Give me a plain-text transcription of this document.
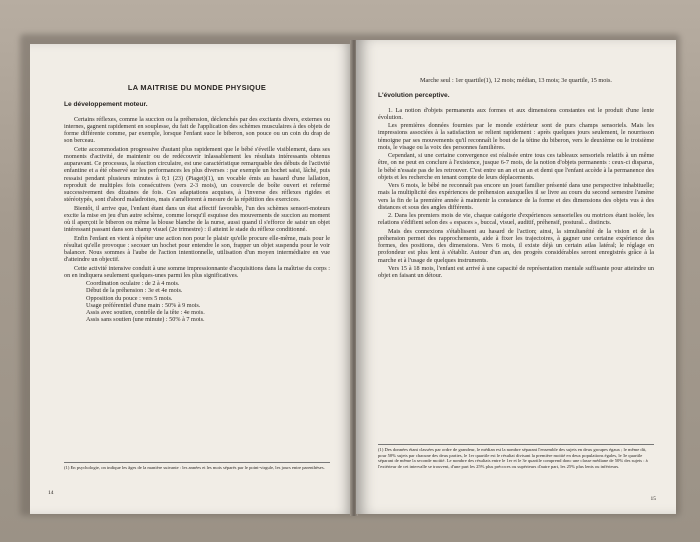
LA MAITRISE DU MONDE PHYSIQUE
Le développement moteur.

Certains réflexes, comme la succion ou la préhension, déclenchés par des excitants divers, externes ou internes, gagnent rapidement en souplesse, du fait de l'application des schèmes musculaires à des objets de forme différente comme, par exemple, lorsque l'enfant suce le biberon, son pouce ou un coin du drap de son berceau.

Cette accommodation progressive d'autant plus rapidement que le bébé s'éveille visiblement, dans ses moments d'activité, de maintenir ou de redécouvrir inlassablement les résultats intéressants obtenus auparavant. Ce processus, la réaction circulaire, est une caractéristique remarquable des débuts de l'activité enfantine et a été observé sur les performances les plus diverses : par exemple un hochet saisi, lâché, puis ressaisi pendant plusieurs minutes à 0;1 (23) (Piaget)(1), un vocable émis au hasard d'une lallation, reproduit de multiples fois consécutives (vers 2-3 mois), un couvercle de boîte ouvert et refermé successivement des dizaines de fois. Ces adaptations acquises, à l'inverse des réflexes rigides et stéréotypés, sont d'abord maladroites, mais s'améliorent à mesure de la répétition des exercices.

Bientôt, il arrive que, l'enfant étant dans un état affectif favorable, l'un des schèmes sensori-moteurs excite la mise en jeu d'un autre schème, comme lorsqu'il esquisse des mouvements de succion au moment où il aperçoit le biberon ou même la blouse blanche de la nurse, aussi quand il s'efforce de saisir un objet intéressant passant dans son champ visuel (2e trimestre) : il atteint le stade du réflexe conditionné.

Enfin l'enfant en vient à répéter une action non pour le plaisir qu'elle procure elle-même, mais pour le résultat qu'elle provoque : secouer un hochet pour entendre le son, frapper un objet suspendu pour le voir balancer. Nous sommes à l'aube de l'action intentionnelle, utilisation d'un moyen intermédiaire en vue d'atteindre un objectif.

Cette activité intensive conduit à une somme impressionnante d'acquisitions dans la maîtrise du corps : on en indiquera seulement quelques-unes parmi les plus significatives.

Coordination oculaire : de 2 à 4 mois.
Début de la préhension : 3e et 4e mois.
Opposition du pouce : vers 5 mois.
Usage préférentiel d'une main : 50% à 9 mois.
Assis avec soutien, contrôle de la tête : 4e mois.
Assis sans soutien (une minute) : 50% à 7 mois.
(1) En psychologie, on indique les âges de la manière suivante : les années et les mois séparés par le point-virgule, les jours entre parenthèses.
14
Marche seul : 1er quartile(1), 12 mois; médian, 13 mois; 3e quartile, 15 mois.
L'évolution perceptive.

1. La notion d'objets permanents aux formes et aux dimensions constantes est le produit d'une lente évolution.

Les premières données fournies par le monde extérieur sont de purs champs sensoriels. Mais les impressions associées à la satisfaction se relient rapidement : après quelques jours seulement, le nourrisson témoigne par ses mouvements qu'il reconnaît le bout de la tétine du biberon, vers le deuxième ou le troisième mois, le visage ou la voix des personnes familières.

Cependant, si une certaine convergence est réalisée entre tous ces tableaux sensoriels relatifs à un même être, on ne peut en conclure à l'existence, jusque 6-7 mois, de la notion d'objets permanents : ceux-ci disparus, le bébé n'essaie pas de les retrouver. C'est entre un an et un an et demi que l'enfant accède à la permanence des objets et les recherche en tenant compte de leurs déplacements.

Vers 6 mois, le bébé ne reconnaît pas encore un jouet familier présenté dans une perspective inhabituelle; mais la multiplicité des expériences de préhension auxquelles il se livre au cours du second semestre l'amène vers la fin de la première année à maintenir la constance de la forme et des dimensions des objets vus à des distances et sous des angles différents.

2. Dans les premiers mois de vie, chaque catégorie d'expériences sensorielles ou motrices étant isolée, les relations s'édifient selon des « espaces », buccal, visuel, auditif, préhensif, postural... distincts.

Mais des connexions s'établissent au hasard de l'action; ainsi, la simultanéité de la vision et de la préhension permet des rapprochements, aide à fixer les trajectoires, à gagner une certaine expérience des formes, des positions, des dimensions. Vers 6 mois, il existe déjà un certain atlas latéral; le réglage en profondeur est plus lent à s'établir. Autour d'un an, des progrès considérables seront enregistrés grâce à la marche et à l'usage de quelques instruments.

Vers 15 à 18 mois, l'enfant est arrivé à une capacité de représentation mentale suffisante pour atteindre un objet en faisant un détour.

(1) Des données étant classées par ordre de grandeur, le médian est la nombre séparant l'ensemble des sujets en deux groupes égaux ; le même dit, pour 50% sujets par chacune des deux parties, le 1er quartile est le résultat divisant la première moitié en deux populations égales, le 3e quartile séparant de même la seconde moitié. Le nombre des résultats entre le 1er et le 3e quartile comprend donc une classe médiane de 50% des sujets : à l'extérieur de cet intervalle se trouvent, d'une part les 25% plus précoces ou supérieurs d'autre part, les 25% plus lents ou inférieurs.
15
